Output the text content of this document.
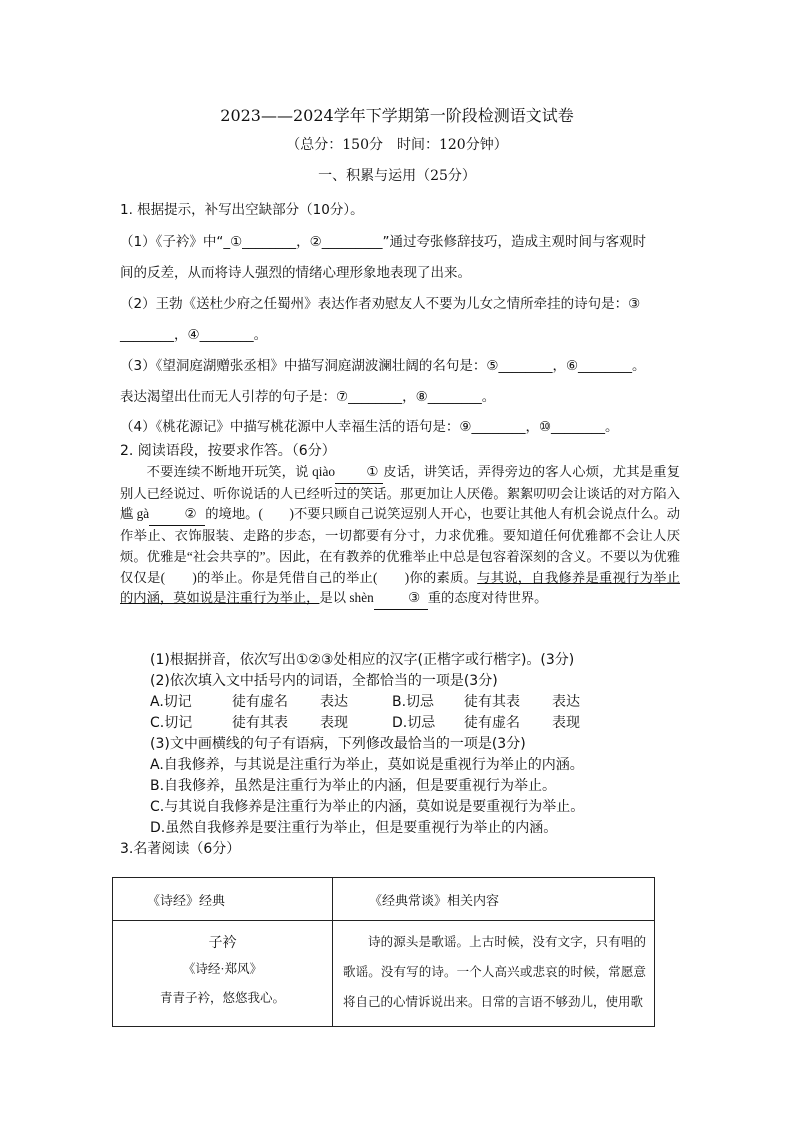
2023——2024学年下学期第一阶段检测语文试卷
（总分：150分　时间：120分钟）
一、积累与运用（25分）
1. 根据提示，补写出空缺部分（10分）。
（1）《子衿》中“_①________，②_________”通过夸张修辞技巧，造成主观时间与客观时
间的反差，从而将诗人强烈的情绪心理形象地表现了出来。
（2）王勃《送杜少府之任蜀州》表达作者劝慰友人不要为儿女之情所牵挂的诗句是：③
________，④________。
（3）《望洞庭湖赠张丞相》中描写洞庭湖波澜壮阔的名句是：⑤________，⑥________。
表达渴望出仕而无人引荐的句子是：⑦________，⑧________。
（4）《桃花源记》中描写桃花源中人幸福生活的语句是：⑨________，⑩________。
2. 阅读语段，按要求作答。（6分）

不要连续不断地开玩笑，说 qiào ① 皮话，讲笑话，弄得旁边的客人心烦，尤其是重复别人已经说过、听你说话的人已经听过的笑话。那更加让人厌倦。絮絮叨叨会让谈话的对方陷入尴 gà	② 的境地。(　　)不要只顾自己说笑逗别人开心，也要让其他人有机会说点什么。动作举止、衣饰服装、走路的步态，一切都要有分寸，力求优雅。要知道任何优雅都不会让人厌烦。优雅是“社会共享的”。因此，在有教养的优雅举止中总是包容着深刻的含义。不要以为优雅仅仅是(　　)的举止。你是凭借自己的举止(　　)你的素质。与其说，自我修养是重视行为举止的内涵，莫如说是注重行为举止，是以 shèn	③ 重的态度对待世界。

(1)根据拼音，依次写出①②③处相应的汉字(正楷字或行楷字)。(3分)
(2)依次填入文中括号内的词语，全都恰当的一项是(3分)
A.切记	徒有虚名 表达	B.切忌 徒有其表 表达
C.切记	徒有其表 表现	D.切忌 徒有虚名 表现
(3)文中画横线的句子有语病，下列修改最恰当的一项是(3分)
A.自我修养，与其说是注重行为举止，莫如说是重视行为举止的内涵。
B.自我修养，虽然是注重行为举止的内涵，但是要重视行为举止。
C.与其说自我修养是注重行为举止的内涵，莫如说是要重视行为举止。
D.虽然自我修养是要注重行为举止，但是要重视行为举止的内涵。
3.名著阅读（6分）
《诗经》经典	《经典常谈》相关内容

子衿
《诗经·郑风》
青青子衿，悠悠我心。	诗的源头是歌谣。上古时候，没有文字，只有唱的歌谣。没有写的诗。一个人高兴或悲哀的时候，常愿意将自己的心情诉说出来。日常的言语不够劲儿，使用歌
